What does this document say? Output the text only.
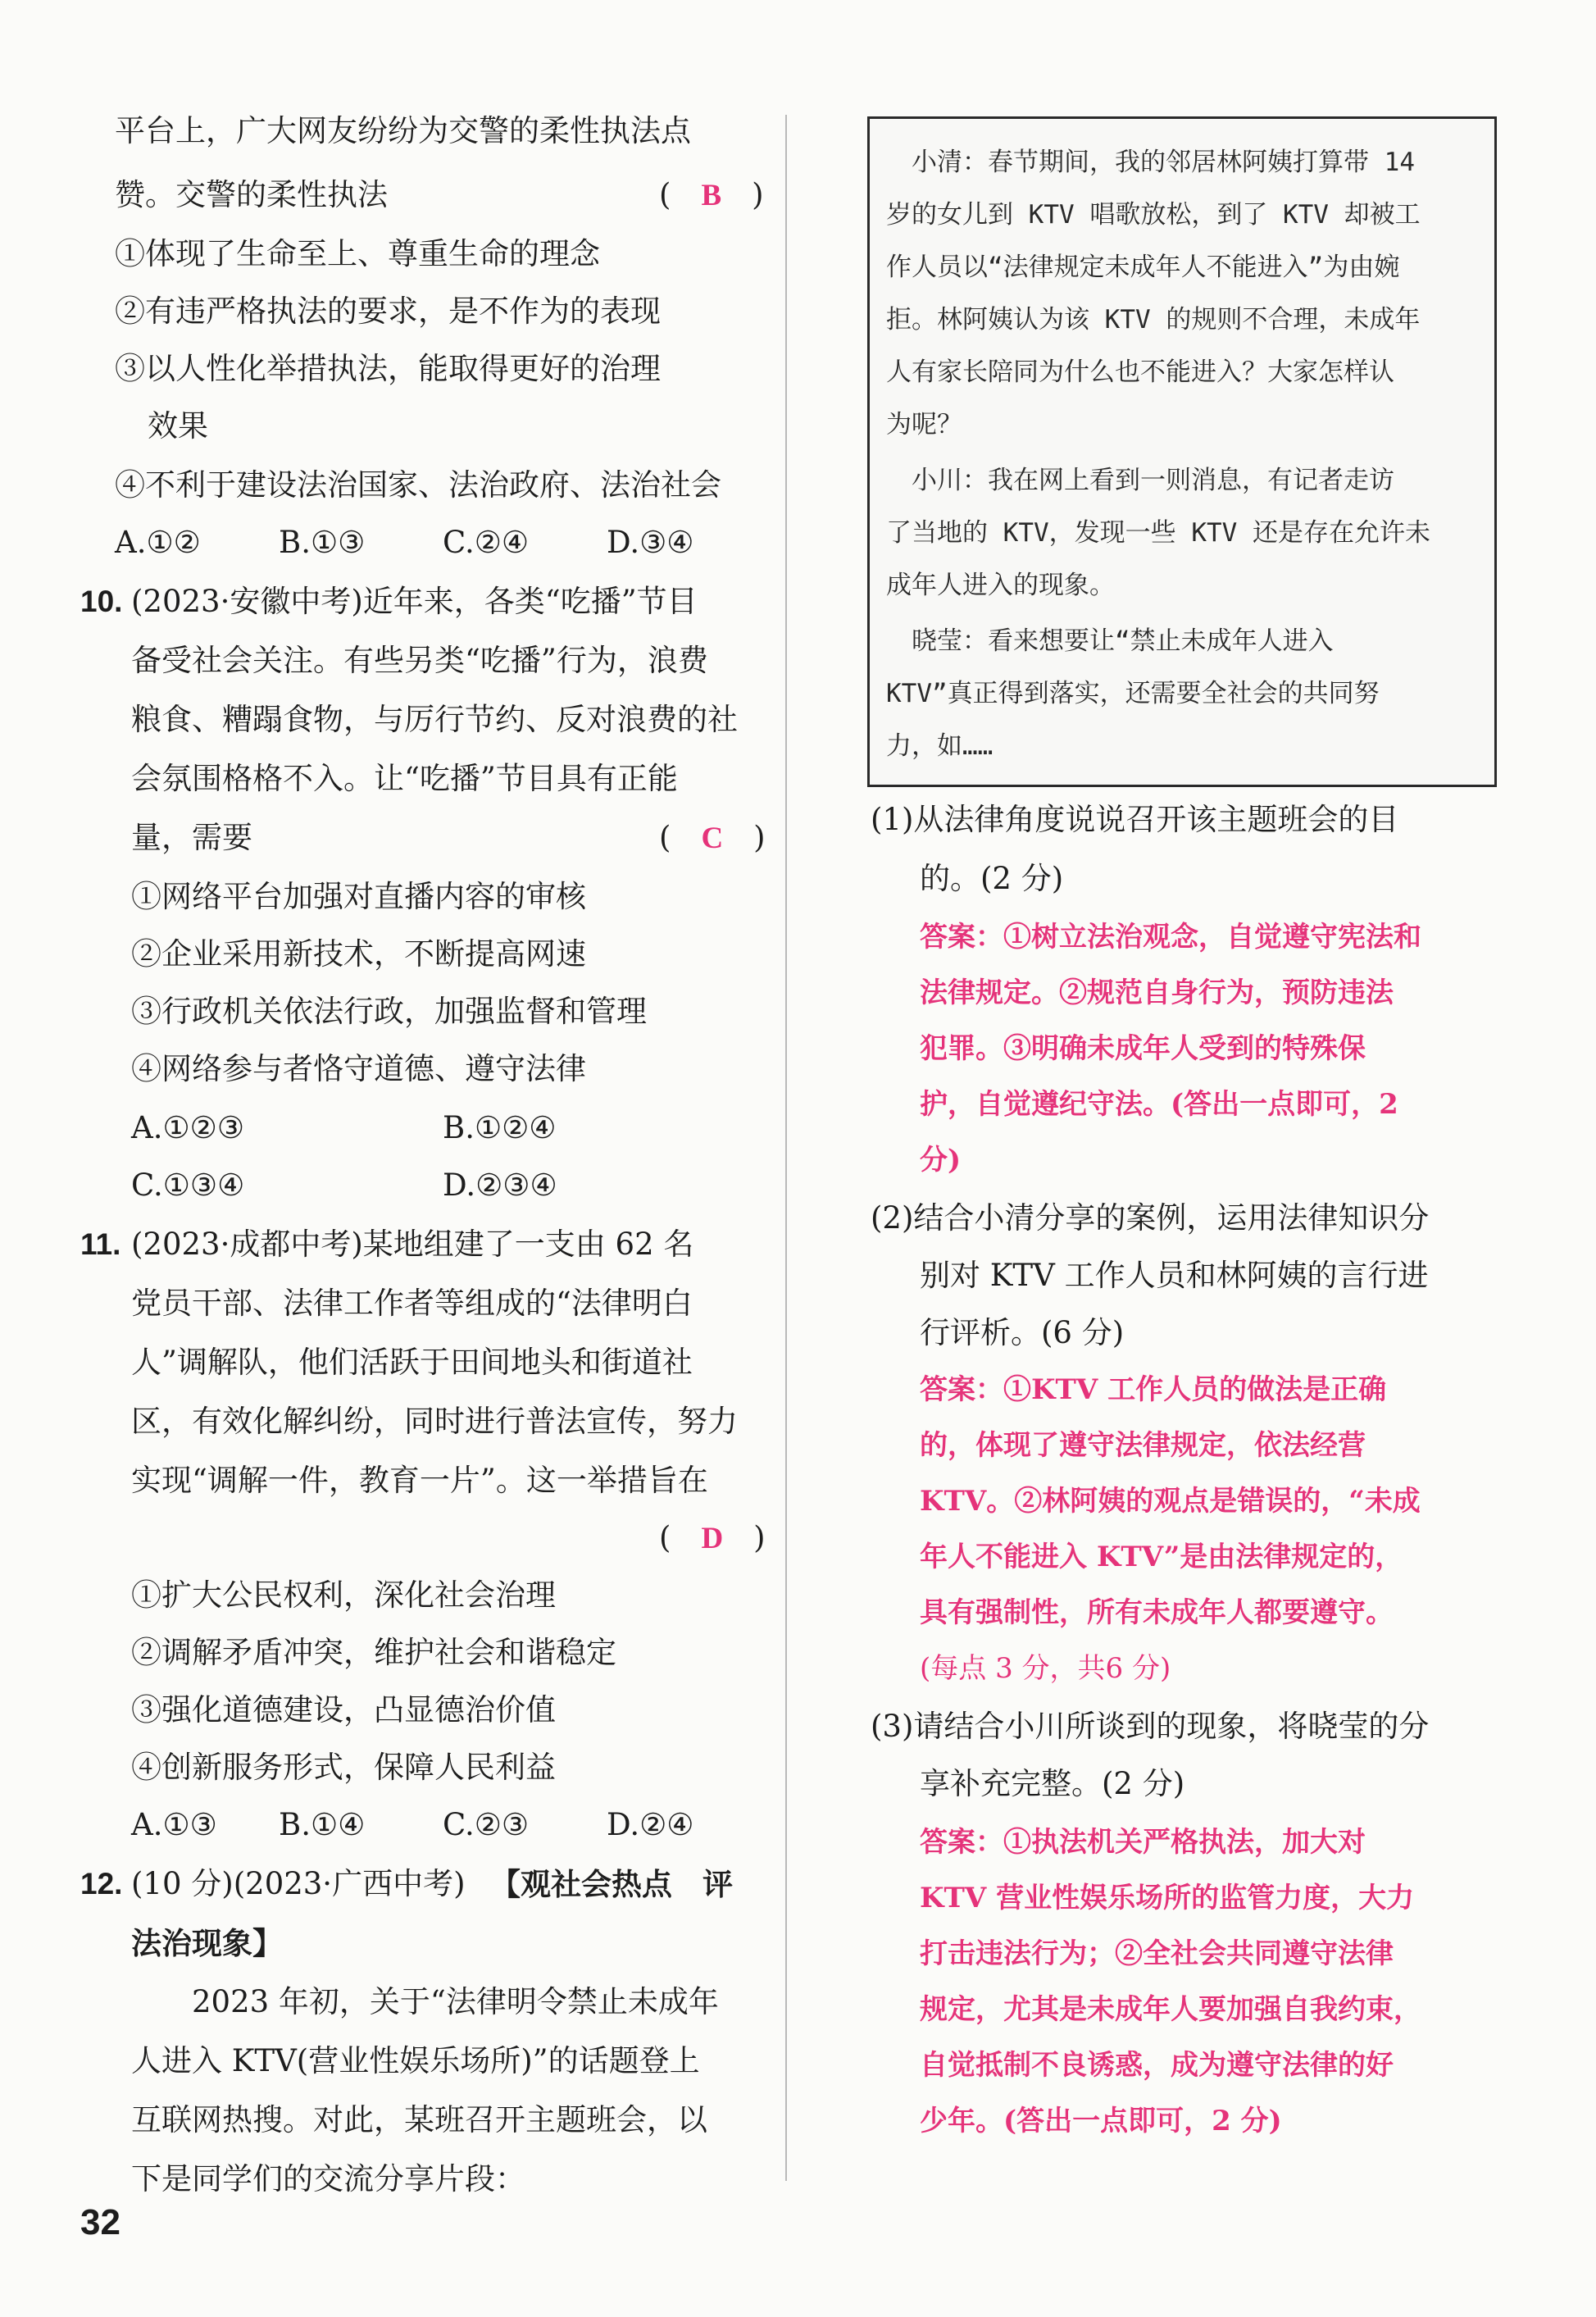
平台上，广大网友纷纷为交警的柔性执法点
赞。交警的柔性执法	(　B　)
①体现了生命至上、尊重生命的理念
②有违严格执法的要求，是不作为的表现
③以人性化举措执法，能取得更好的治理
效果
④不利于建设法治国家、法治政府、法治社会
A.①②	B.①③	C.②④	D.③④
10. (2023·安徽中考)近年来，各类“吃播”节目
备受社会关注。有些另类“吃播”行为，浪费
粮食、糟蹋食物，与厉行节约、反对浪费的社
会氛围格格不入。让“吃播”节目具有正能
量，需要	(　C　)
①网络平台加强对直播内容的审核
②企业采用新技术，不断提高网速
③行政机关依法行政，加强监督和管理
④网络参与者恪守道德、遵守法律
A.①②③	B.①②④
C.①③④	D.②③④
11. (2023·成都中考)某地组建了一支由 62 名
党员干部、法律工作者等组成的“法律明白
人”调解队，他们活跃于田间地头和街道社
区，有效化解纠纷，同时进行普法宣传，努力
实现“调解一件，教育一片”。这一举措旨在
(　D　)
①扩大公民权利，深化社会治理
②调解矛盾冲突，维护社会和谐稳定
③强化道德建设，凸显德治价值
④创新服务形式，保障人民利益
A.①③ B.①④	C.②③	D.②④
12. (10 分)(2023·广西中考) 【观社会热点　评
法治现象】
2023 年初，关于“法律明令禁止未成年
人进入 KTV(营业性娱乐场所)”的话题登上
互联网热搜。对此，某班召开主题班会，以
下是同学们的交流分享片段：
　小清：春节期间，我的邻居林阿姨打算带 14
岁的女儿到 KTV 唱歌放松，到了 KTV 却被工
作人员以“法律规定未成年人不能进入”为由婉
拒。林阿姨认为该 KTV 的规则不合理，未成年
人有家长陪同为什么也不能进入？大家怎样认
为呢？
　小川：我在网上看到一则消息，有记者走访
了当地的 KTV，发现一些 KTV 还是存在允许未
成年人进入的现象。
　晓莹：看来想要让“禁止未成年人进入
KTV”真正得到落实，还需要全社会的共同努
力，如……
(1)从法律角度说说召开该主题班会的目
的。(2 分)
答案：①树立法治观念，自觉遵守宪法和
法律规定。②规范自身行为，预防违法
犯罪。③明确未成年人受到的特殊保
护，自觉遵纪守法。(答出一点即可，2
分)
(2)结合小清分享的案例，运用法律知识分
别对 KTV 工作人员和林阿姨的言行进
行评析。(6 分)
答案：①KTV 工作人员的做法是正确
的，体现了遵守法律规定，依法经营
KTV。②林阿姨的观点是错误的，“未成
年人不能进入 KTV”是由法律规定的，
具有强制性，所有未成年人都要遵守。
(每点 3 分，共6 分)
(3)请结合小川所谈到的现象，将晓莹的分
享补充完整。(2 分)
答案：①执法机关严格执法，加大对
KTV 营业性娱乐场所的监管力度，大力
打击违法行为；②全社会共同遵守法律
规定，尤其是未成年人要加强自我约束，
自觉抵制不良诱惑，成为遵守法律的好
少年。(答出一点即可，2 分)
32
